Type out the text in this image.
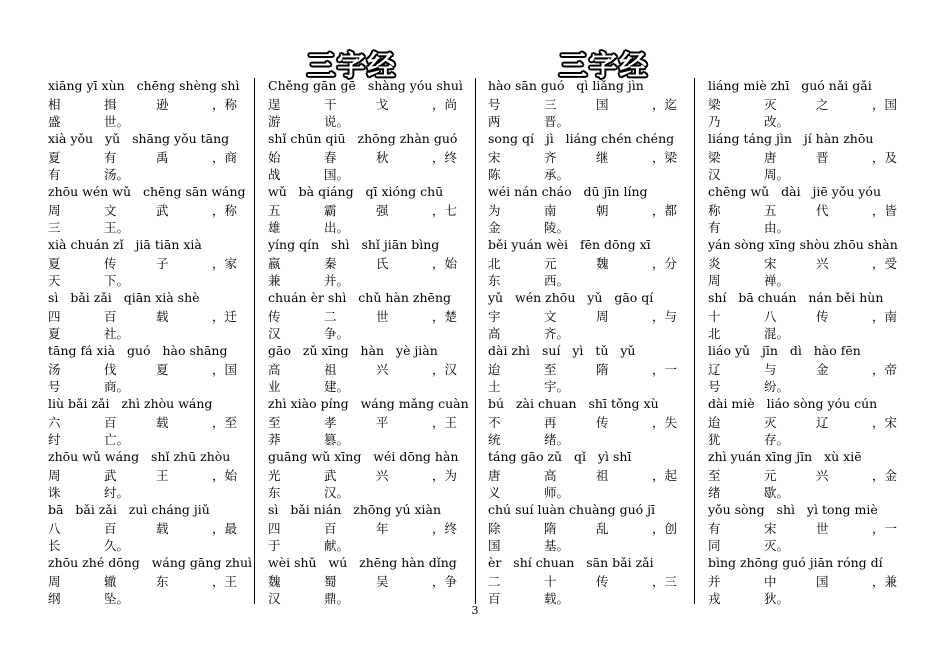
三字经	三字经
xiāng yī xùn   chēng shèng shì
相	揖	逊	，称
盛	世。
xià yǒu   yǔ   shāng yǒu tāng
夏	有	禹	，商
有	汤。
zhōu wén wǔ   chēng sān wáng
周	文	武	，称
三	王。
xià chuán zǐ   jiā tiān xià
夏	传	子	，家
天	下。
sì   bǎi zǎi   qiān xià shè
四	百	载	，迁
夏	社。
tāng fá xià   guó   hào shāng
汤	伐	夏	，国
号	商。
liù bǎi zǎi   zhì zhòu wáng
六	百	载	，至
纣	亡。
zhōu wǔ wáng   shǐ zhū zhòu
周	武	王	，始
诛	纣。
bā   bǎi zǎi   zuì cháng jiǔ
八	百	载	，最
长	久。
zhōu zhé dōng   wáng gāng zhuì
周	辙	东	，王
纲	坠。
Chěng gān gē   shàng yóu shuì
逞	干	戈	，尚
游	说。
shǐ chūn qiū   zhōng zhàn guó
始	春	秋	，终
战	国。
wǔ   bà qiáng   qī xióng chū
五	霸	强	，七
雄	出。
yíng qín   shì   shǐ jiān bìng
嬴	秦	氏	，始
兼	并。
chuán èr shì   chǔ hàn zhēng
传	二	世	，楚
汉	争。
gāo   zǔ xīng   hàn   yè jiàn
高	祖	兴	，汉
业	建。
zhì xiào píng   wáng mǎng cuàn
至	孝	平	，王
莽	篡。
guāng wǔ xīng   wéi dōng hàn
光	武	兴	，为
东	汉。
sì   bǎi nián   zhōng yú xiàn
四	百	年	，终
于	献。
wèi shǔ   wú   zhēng hàn dǐng
魏	蜀	吴	，争
汉	鼎。
hào sān guó   qì liǎng jìn
号	三	国	，迄
两	晋。
song qí   jì   liáng chén chéng
宋	齐	继	，梁
陈	承。
wéi nán cháo   dū jīn líng
为	南	朝	，都
金	陵。
běi yuán wèi   fēn dōng xī
北	元	魏	，分
东	西。
yǔ   wén zhōu   yǔ   gāo qí
宇	文	周	，与
高	齐。
dài zhì   suí   yì   tǔ   yǔ
迨	至	隋	，一
土	宇。
bú   zài chuan   shī tǒng xù
不	再	传	，失
统	绪。
táng gāo zǔ   qǐ   yì shī
唐	高	祖	，起
义	师。
chú suí luàn chuàng guó jī
除	隋	乱	，创
国	基。
èr   shí chuan   sān bǎi zǎi
二	十	传	，三
百	载。
liáng miè zhī   guó nǎi gǎi
梁	灭	之	，国
乃	改。
liáng táng jìn   jí hàn zhōu
梁	唐	晋	，及
汉	周。
chēng wǔ   dài   jiē yǒu yóu
称	五	代	，皆
有	由。
yán sòng xīng shòu zhōu shàn
炎	宋	兴	，受
周	禅。
shí   bā chuán   nán běi hùn
十	八	传	，南
北	混。
liáo yǔ   jīn   dì   hào fēn
辽	与	金	，帝
号	纷。
dài miè   liáo sòng yóu cún
迨	灭	辽	，宋
犹	存。
zhì yuán xīng jīn   xù xiē
至	元	兴	，金
绪	歇。
yǒu sòng   shì   yì tong miè
有	宋	世	，一
同	灭。
bìng zhōng guó jiān róng dí
并	中	国	，兼
戎	狄。
3
